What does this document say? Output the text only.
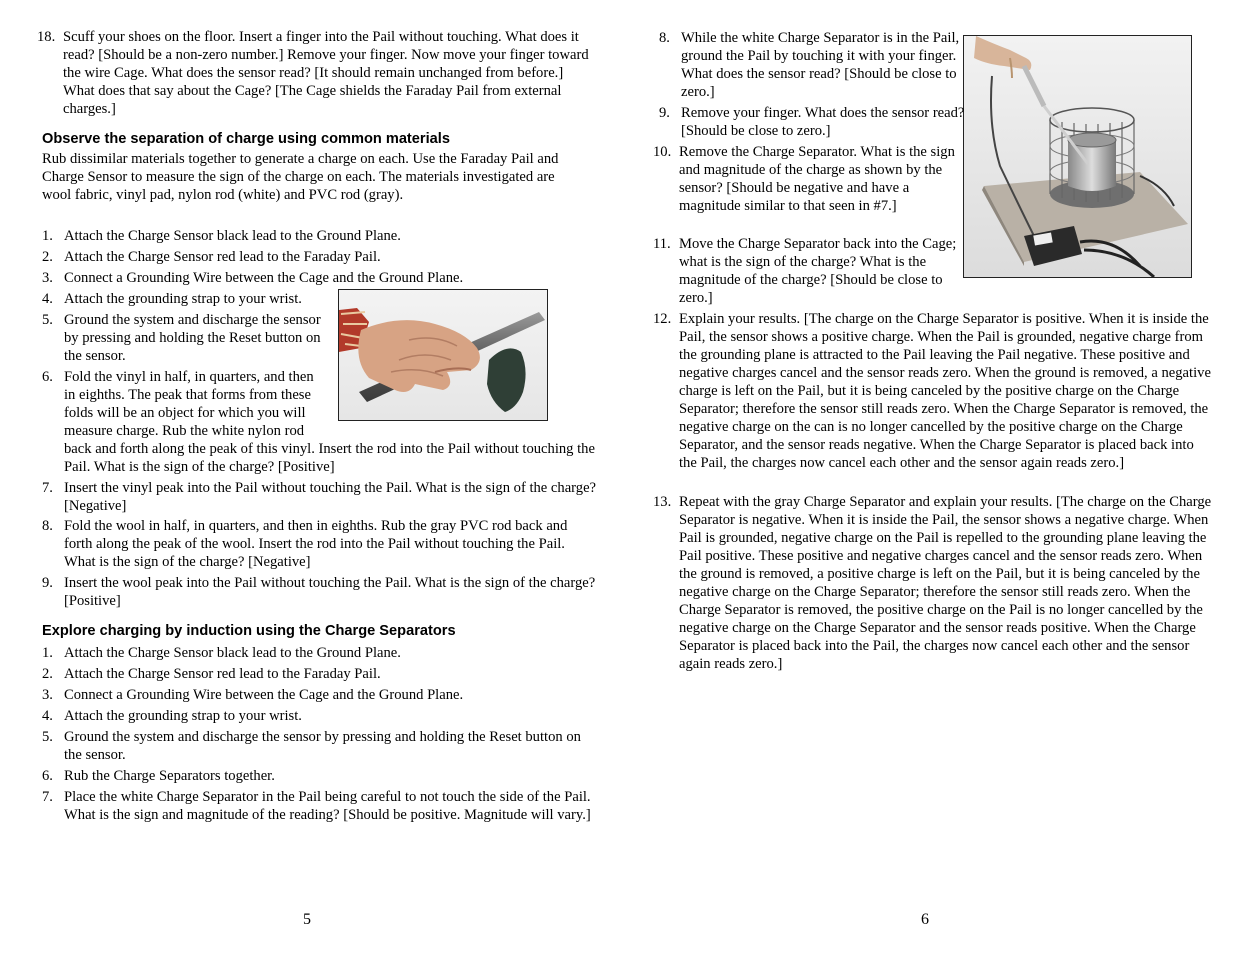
18. Scuff your shoes on the floor. Insert a finger into the Pail without touching. What does it read? [Should be a non-zero number.] Remove your finger. Now move your finger toward the wire Cage. What does the sensor read? [It should remain unchanged from before.] What does that say about the Cage? [The Cage shields the Faraday Pail from external charges.]
Observe the separation of charge using common materials
Rub dissimilar materials together to generate a charge on each. Use the Faraday Pail and Charge Sensor to measure the sign of the charge on each. The materials investigated are wool fabric, vinyl pad, nylon rod (white) and PVC rod (gray).
1. Attach the Charge Sensor black lead to the Ground Plane.
2. Attach the Charge Sensor red lead to the Faraday Pail.
3. Connect a Grounding Wire between the Cage and the Ground Plane.
4. Attach the grounding strap to your wrist.
5. Ground the system and discharge the sensor by pressing and holding the Reset button on the sensor.
6. Fold the vinyl in half, in quarters, and then in eighths. The peak that forms from these folds will be an object for which you will measure charge. Rub the white nylon rod back and forth along the peak of this vinyl. Insert the rod into the Pail without touching the Pail. What is the sign of the charge? [Positive]
7. Insert the vinyl peak into the Pail without touching the Pail. What is the sign of the charge? [Negative]
8. Fold the wool in half, in quarters, and then in eighths. Rub the gray PVC rod back and forth along the peak of the wool. Insert the rod into the Pail without touching the Pail. What is the sign of the charge? [Negative]
9. Insert the wool peak into the Pail without touching the Pail. What is the sign of the charge? [Positive]
Explore charging by induction using the Charge Separators
1. Attach the Charge Sensor black lead to the Ground Plane.
2. Attach the Charge Sensor red lead to the Faraday Pail.
3. Connect a Grounding Wire between the Cage and the Ground Plane.
4. Attach the grounding strap to your wrist.
5. Ground the system and discharge the sensor by pressing and holding the Reset button on the sensor.
6. Rub the Charge Separators together.
7. Place the white Charge Separator in the Pail being careful to not touch the side of the Pail. What is the sign and magnitude of the reading? [Should be positive. Magnitude will vary.]
5
8. While the white Charge Separator is in the Pail, ground the Pail by touching it with your finger. What does the sensor read? [Should be close to zero.]
9. Remove your finger. What does the sensor read? [Should be close to zero.]
10. Remove the Charge Separator. What is the sign and magnitude of the charge as shown by the sensor? [Should be negative and have a magnitude similar to that seen in #7.]
11. Move the Charge Separator back into the Cage; what is the sign of the charge? What is the magnitude of the charge? [Should be close to zero.]
12. Explain your results. [The charge on the Charge Separator is positive. When it is inside the Pail, the sensor shows a positive charge. When the Pail is grounded, negative charge from the grounding plane is attracted to the Pail leaving the Pail negative. These positive and negative charges cancel and the sensor reads zero. When the ground is removed, a negative charge is left on the Pail, but it is being canceled by the positive charge on the Charge Separator; therefore the sensor still reads zero. When the Charge Separator is removed, the negative charge on the can is no longer cancelled by the positive charge on the Charge Separator, and the sensor reads negative. When the Charge Separator is placed back into the Pail, the charges now cancel each other and the sensor again reads zero.]
13. Repeat with the gray Charge Separator and explain your results. [The charge on the Charge Separator is negative. When it is inside the Pail, the sensor shows a negative charge. When Pail is grounded, negative charge on the Pail is repelled to the grounding plane leaving the Pail positive. These positive and negative charges cancel and the sensor reads zero. When the ground is removed, a positive charge is left on the Pail, but it is being canceled by the negative charge on the Charge Separator; therefore the sensor still reads zero. When the Charge Separator is removed, the positive charge on the Pail is no longer cancelled by the negative charge on the Charge Separator and the sensor reads positive. When the Charge Separator is placed back into the Pail, the charges now cancel each other and the sensor again reads zero.]
6
